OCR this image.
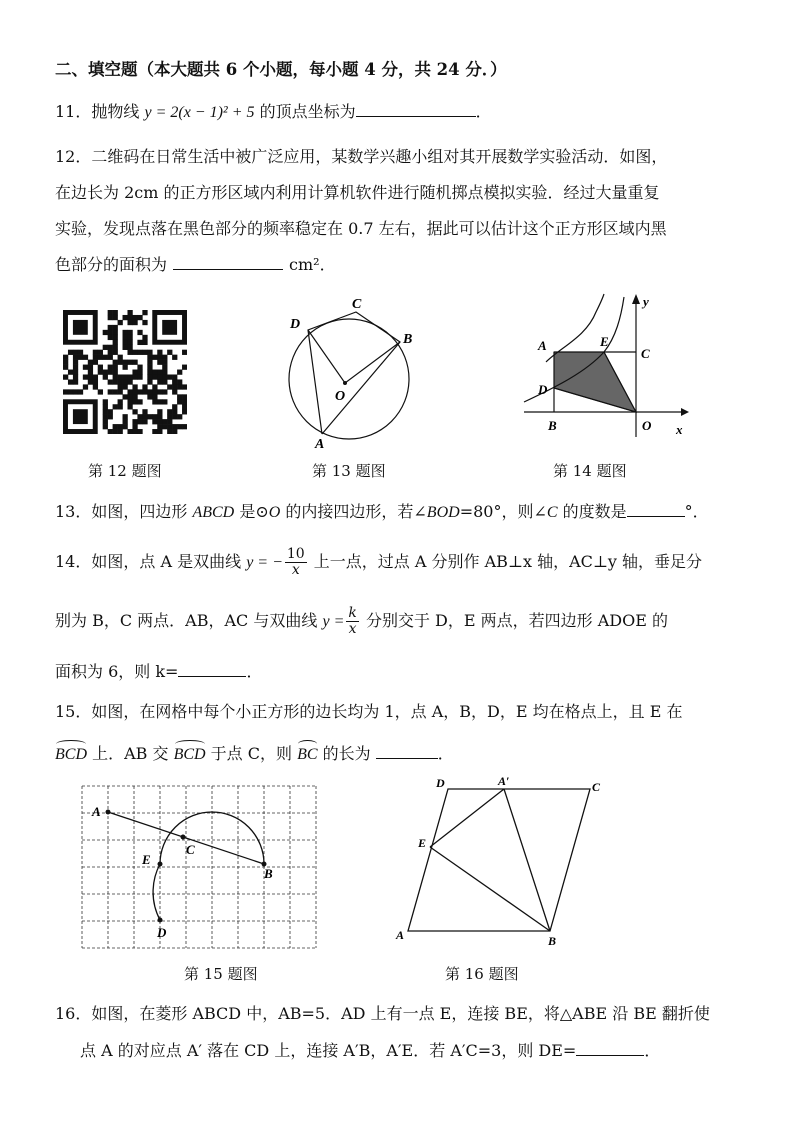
二、填空题（本大题共 6 个小题，每小题 4 分，共 24 分．）
11．抛物线 y = 2(x − 1)² + 5 的顶点坐标为	．
12．二维码在日常生活中被广泛应用，某数学兴趣小组对其开展数学实验活动．如图，
在边长为 2cm 的正方形区域内利用计算机软件进行随机掷点模拟实验．经过大量重复
实验，发现点落在黑色部分的频率稳定在 0.7 左右，据此可以估计这个正方形区域内黑
色部分的面积为	cm²．
第 12 题图
D
C
B
O
A
第 13 题图
A	E
C
D
B	O x
y
第 14 题图
13．如图，四边形 ABCD 是⊙O 的内接四边形，若∠BOD=80°，则∠C 的度数是	°．
14．如图，点 A 是双曲线 y = − $\frac{10}{x}$ 上一点，过点 A 分别作 AB⊥x 轴，AC⊥y 轴，垂足分
别为 B，C 两点．AB，AC 与双曲线 $y = \frac{k}{x}$ 分别交于 D，E 两点，若四边形 ADOE 的
面积为 6，则 k=	．
15．如图，在网格中每个小正方形的边长均为 1，点 A，B，D，E 均在格点上，且 E 在
BCD 上．AB 交 BCD 于点 C，则 BC 的长为	．
A
C
E
B
D
第 15 题图
D	A′	C
E
A	B
第 16 题图
16．如图，在菱形 ABCD 中，AB=5．AD 上有一点 E，连接 BE，将△ABE 沿 BE 翻折使
点 A 的对应点 A′ 落在 CD 上，连接 A′B，A′E．若 A′C=3，则 DE=	．
